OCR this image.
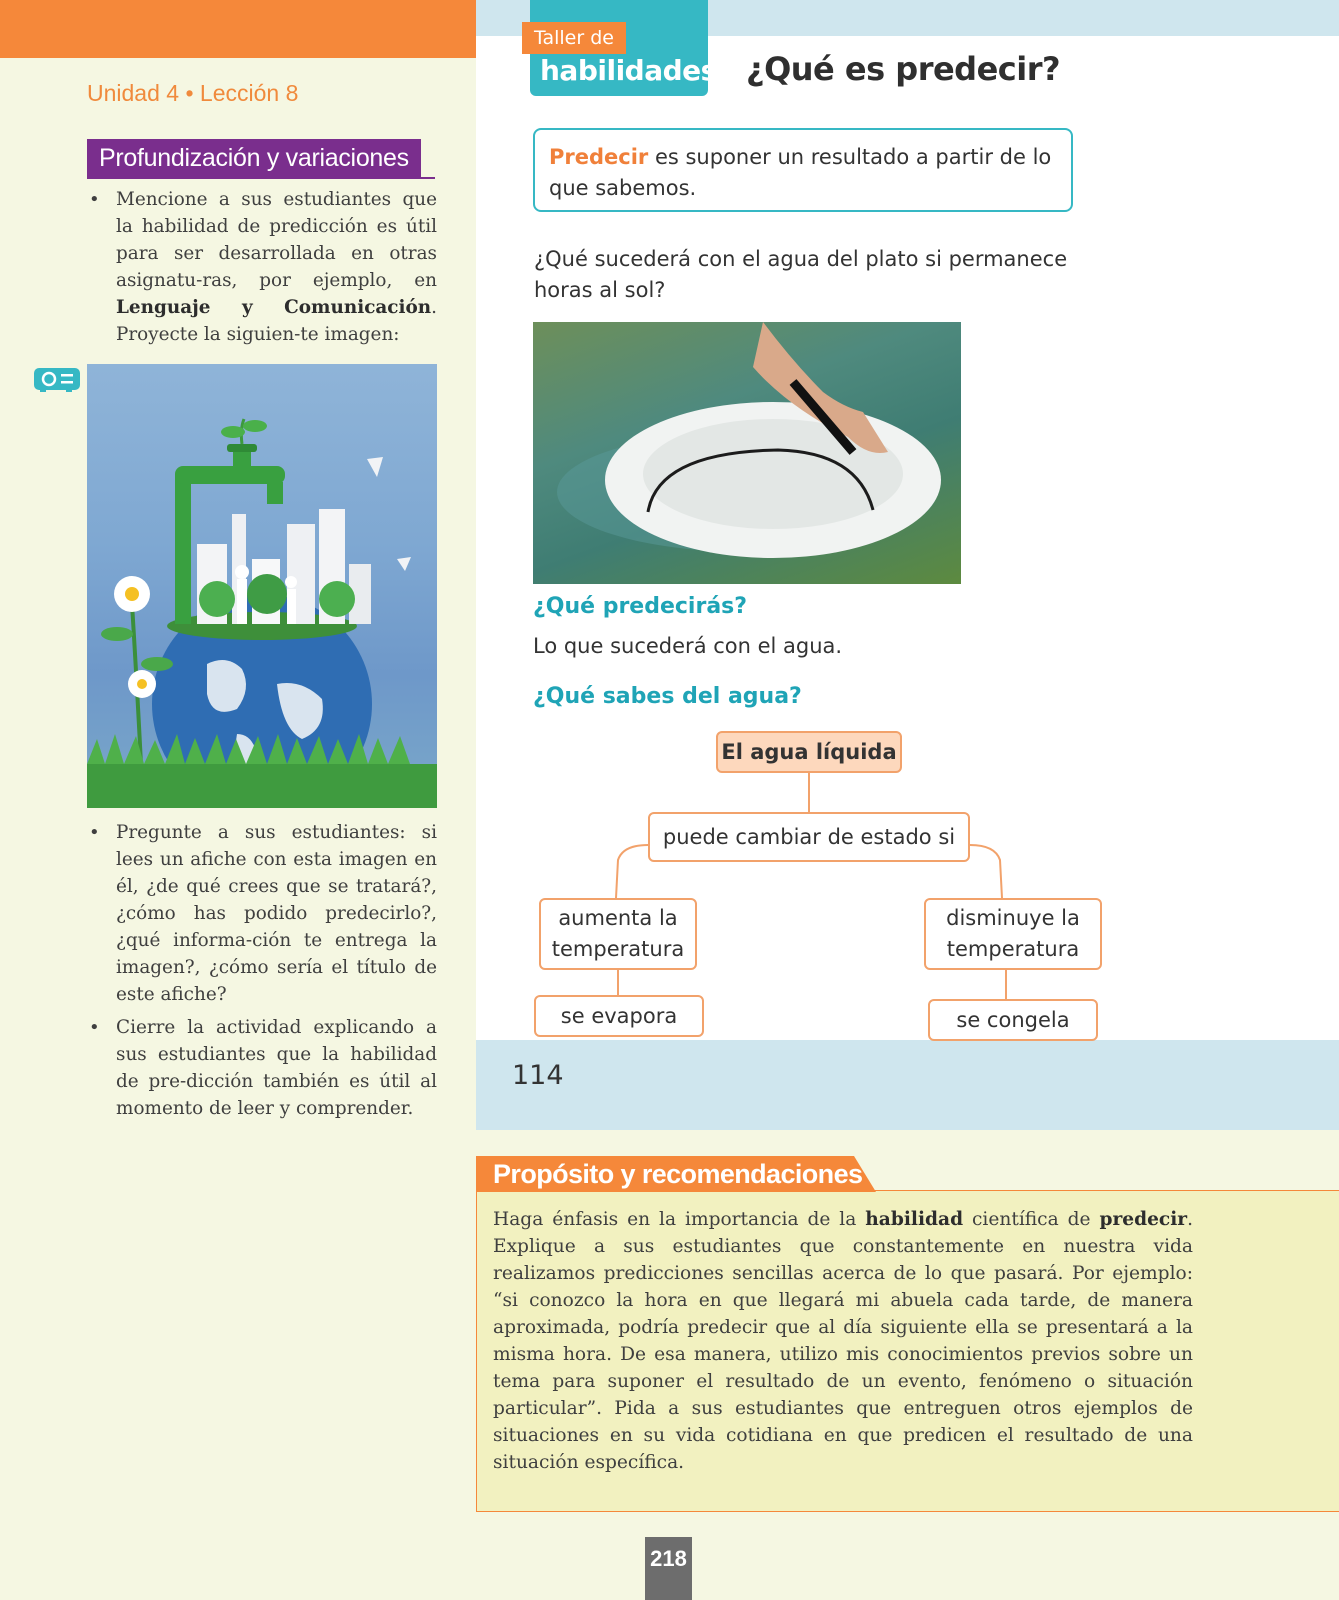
Unidad 4 • Lección 8
Profundización y variaciones
• Mencione a sus estudiantes que la habilidad de predicción es útil para ser desarrollada en otras asignatu-ras, por ejemplo, en Lenguaje y Comunicación. Proyecte la siguien-te imagen:
• Pregunte a sus estudiantes: si lees un afiche con esta imagen en él, ¿de qué crees que se tratará?, ¿cómo has podido predecirlo?, ¿qué informa-ción te entrega la imagen?, ¿cómo sería el título de este afiche?
• Cierre la actividad explicando a sus estudiantes que la habilidad de pre-dicción también es útil al momento de leer y comprender.
habilidades
Taller de
¿Qué es predecir?
Predecir es suponer un resultado a partir de lo que sabemos.
¿Qué sucederá con el agua del plato si permanece horas al sol?
¿Qué predecirás?
Lo que sucederá con el agua.
¿Qué sabes del agua?
El agua líquida
puede cambiar de estado si
aumenta la temperatura
disminuye la temperatura
se evapora	se congela
114
Propósito y recomendaciones
Haga énfasis en la importancia de la habilidad científica de predecir. Explique a sus estudiantes que constantemente en nuestra vida realizamos predicciones sencillas acerca de lo que pasará. Por ejemplo: “si conozco la hora en que llegará mi abuela cada tarde, de manera aproximada, podría predecir que al día siguiente ella se presentará a la misma hora. De esa manera, utilizo mis conocimientos previos sobre un tema para suponer el resultado de un evento, fenómeno o situación particular”. Pida a sus estudiantes que entreguen otros ejemplos de situaciones en su vida cotidiana en que predicen el resultado de una situación específica.
218
